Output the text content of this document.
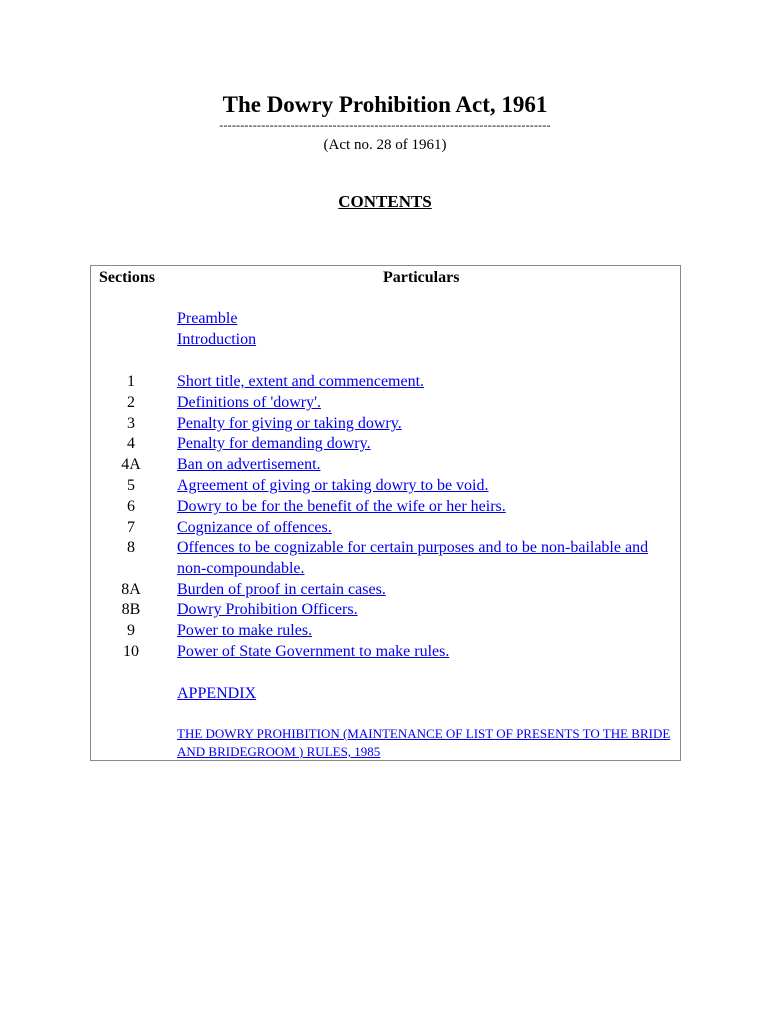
The Dowry Prohibition Act, 1961
-------------------------------------------------------------------------------
(Act no. 28 of 1961)
CONTENTS
Sections	Particulars
Preamble
Introduction
1	Short title, extent and commencement.
2	Definitions of 'dowry'.
3	Penalty for giving or taking dowry.
4	Penalty for demanding dowry.
4A	Ban on advertisement.
5	Agreement of giving or taking dowry to be void.
6	Dowry to be for the benefit of the wife or her heirs.
7	Cognizance of offences.
8	Offences to be cognizable for certain purposes and to be non-bailable and non-compoundable.
8A	Burden of proof in certain cases.
8B	Dowry Prohibition Officers.
9	Power to make rules.
10	Power of State Government to make rules.
APPENDIX
THE DOWRY PROHIBITION (MAINTENANCE OF LIST OF PRESENTS TO THE BRIDE AND BRIDEGROOM ) RULES, 1985
